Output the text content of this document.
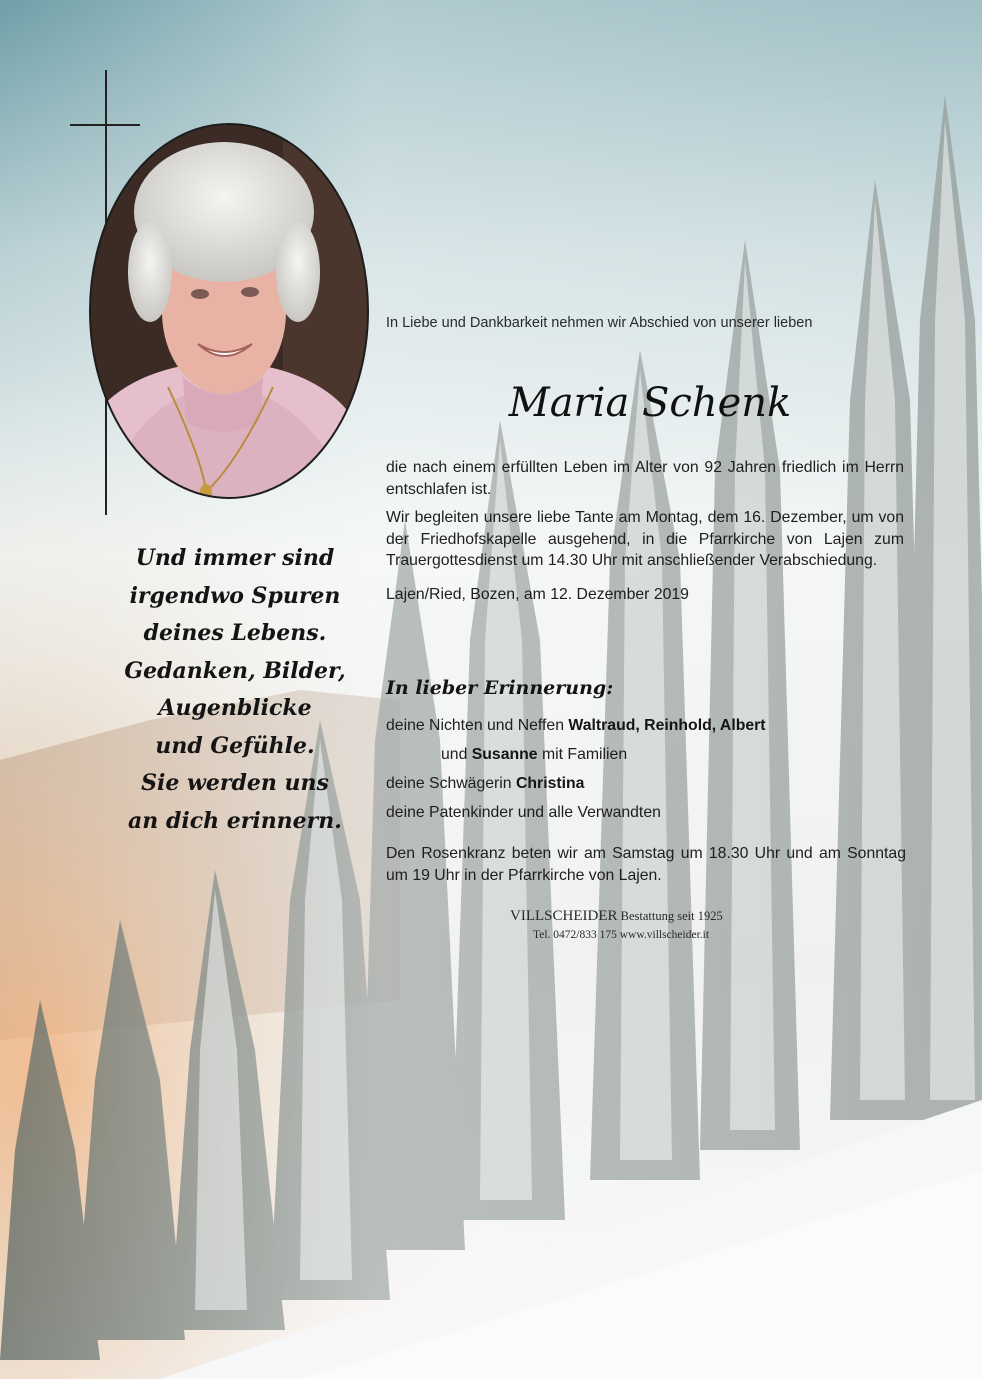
In Liebe und Dankbarkeit nehmen wir Abschied von unserer lieben
Maria Schenk

die nach einem erfüllten Leben im Alter von 92 Jahren friedlich im Herrn entschlafen ist.

Wir begleiten unsere liebe Tante am Montag, dem 16. Dezember, um von der Friedhofskapelle ausgehend, in die Pfarrkirche von Lajen zum Trauergottesdienst um 14.30 Uhr mit anschließender Verabschiedung.

Lajen/Ried, Bozen, am 12. Dezember 2019

In lieber Erinnerung:
deine Nichten und Neffen Waltraud, Reinhold, Albert
und Susanne mit Familien
deine Schwägerin Christina
deine Patenkinder und alle Verwandten
Den Rosenkranz beten wir am Samstag um 18.30 Uhr und am Sonntag um 19 Uhr in der Pfarrkirche von Lajen.
VILLSCHEIDER Bestattung seit 1925
Tel. 0472/833 175 www.villscheider.it
Und immer sind
irgendwo Spuren
deines Lebens.
Gedanken, Bilder,
Augenblicke
und Gefühle.
Sie werden uns
an dich erinnern.
